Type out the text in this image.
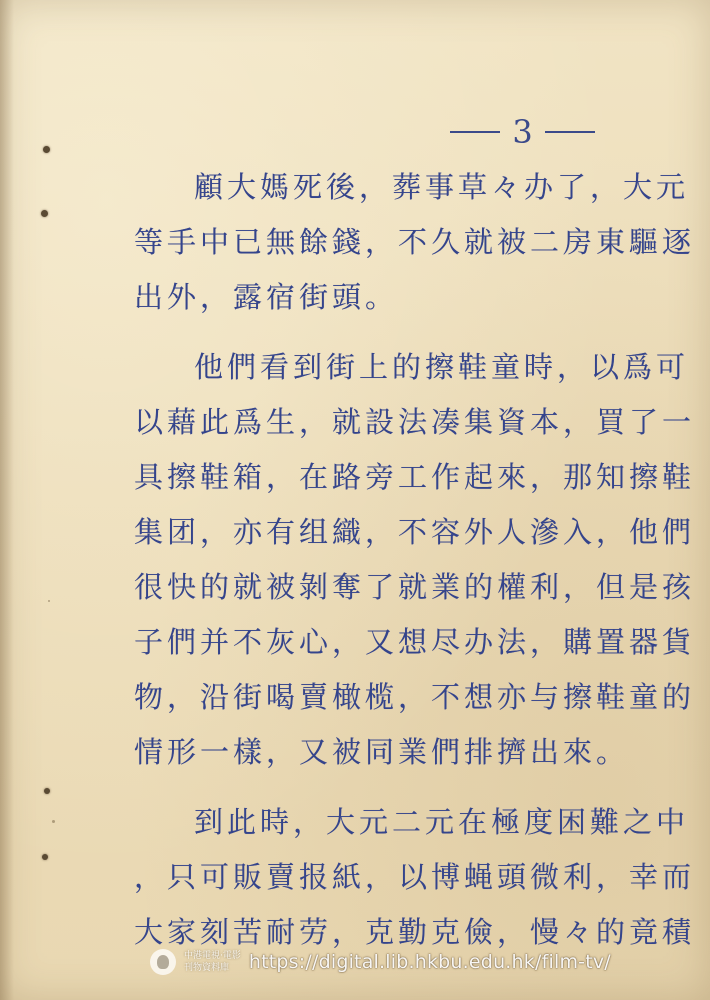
3
顧大媽死後，葬事草々办了，大元
等手中已無餘錢，不久就被二房東驅逐
出外，露宿街頭。
他們看到街上的擦鞋童時，以爲可
以藉此爲生，就設法凑集資本，買了一
具擦鞋箱，在路旁工作起來，那知擦鞋
集团，亦有组織，不容外人滲入，他們
很快的就被剝奪了就業的權利，但是孩
子們并不灰心，又想尽办法，購置器貨
物，沿街喝賣橄榄，不想亦与擦鞋童的
情形一樣，又被同業們排擠出來。
到此時，大元二元在極度困難之中
，只可販賣报紙，以博蝇頭微利，幸而
大家刻苦耐劳，克勤克儉，慢々的竟積
中港電視‧電影
刊物資料庫	https://digital.lib.hkbu.edu.hk/film-tv/
